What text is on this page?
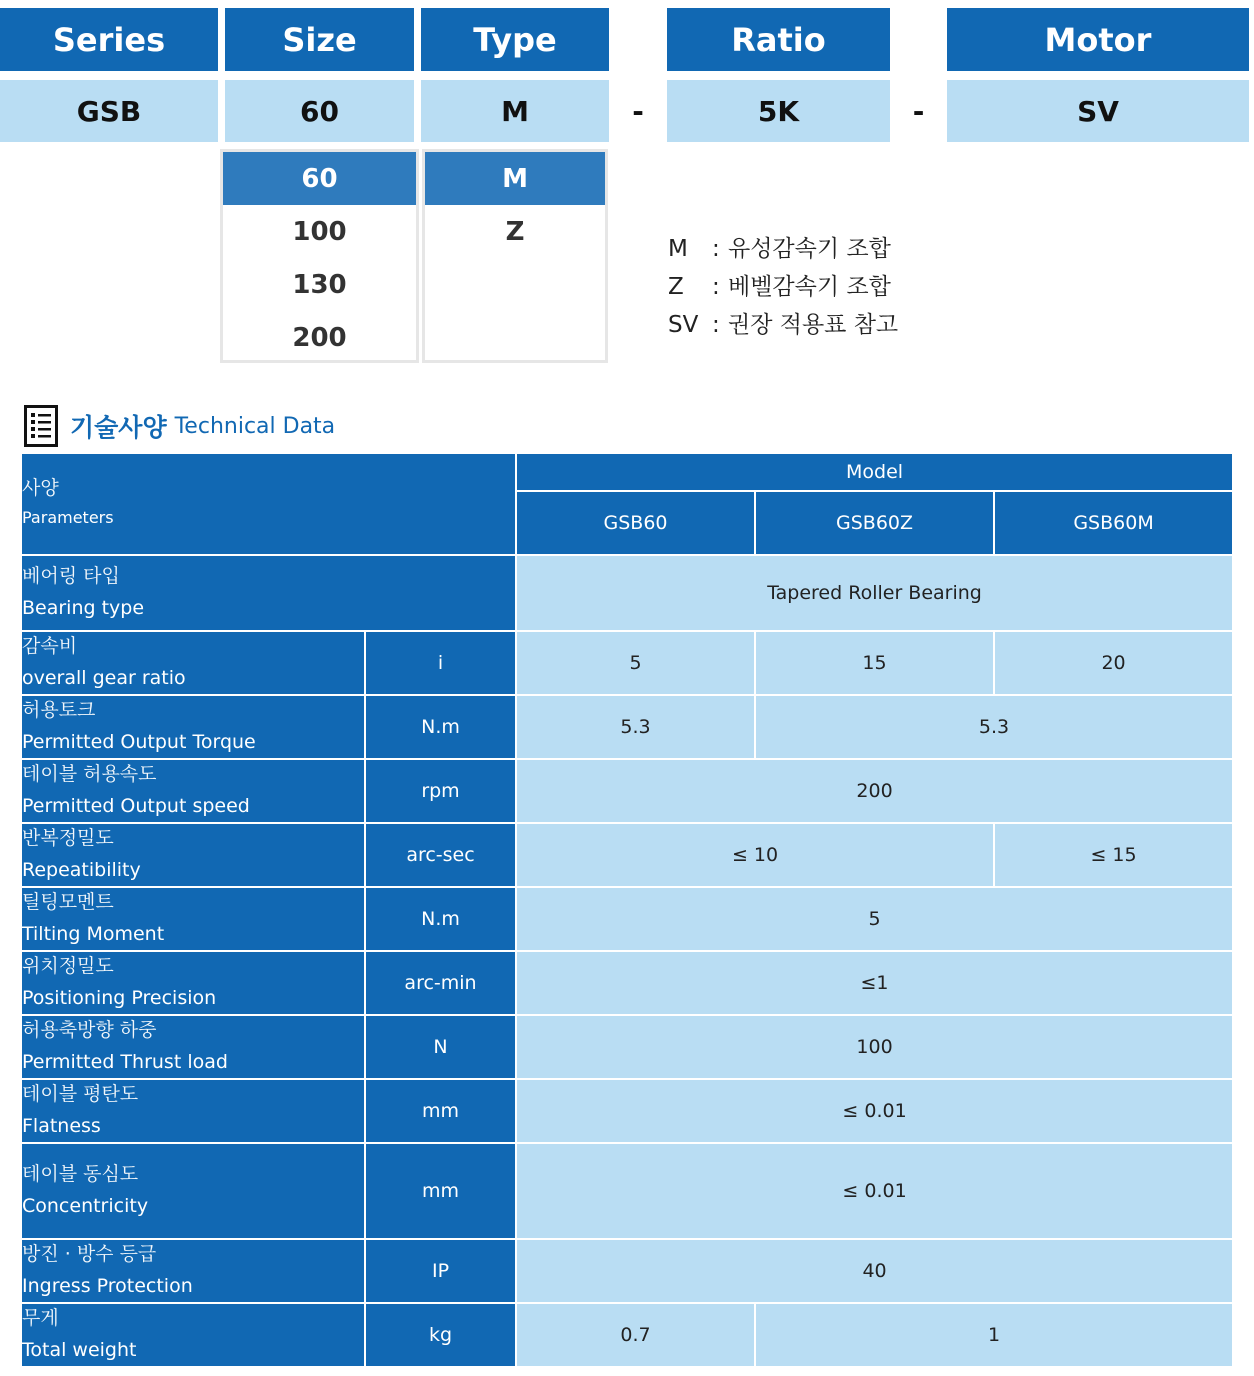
Series	Size	Type	Ratio	Motor
GSB	60	M	-	5K	-	SV
60
100
130
200
M
Z
M : 유성감속기 조합
Z : 베벨감속기 조합
SV : 권장 적용표 참고
기술사양 Technical Data
사양
Parameters		Model		
		GSB60	GSB60Z	GSB60M

베어링 타입
Bearing type		Tapered Roller Bearing		

감속비
overall gear ratio	i	5	15	20

허용토크
Permitted Output Torque	N.m	5.3	5.3	

테이블 허용속도
Permitted Output speed	rpm	200		

반복정밀도
Repeatibility	arc-sec	≤ 10		≤ 15

틸팅모멘트
Tilting Moment	N.m	5		

위치정밀도
Positioning Precision	arc-min	≤1		

허용축방향 하중
Permitted Thrust load	N	100		

테이블 평탄도
Flatness	mm	≤ 0.01		

테이블 동심도
Concentricity	mm	≤ 0.01		

방진 · 방수 등급
Ingress Protection	IP	40		

무게
Total weight	kg	0.7	1	
